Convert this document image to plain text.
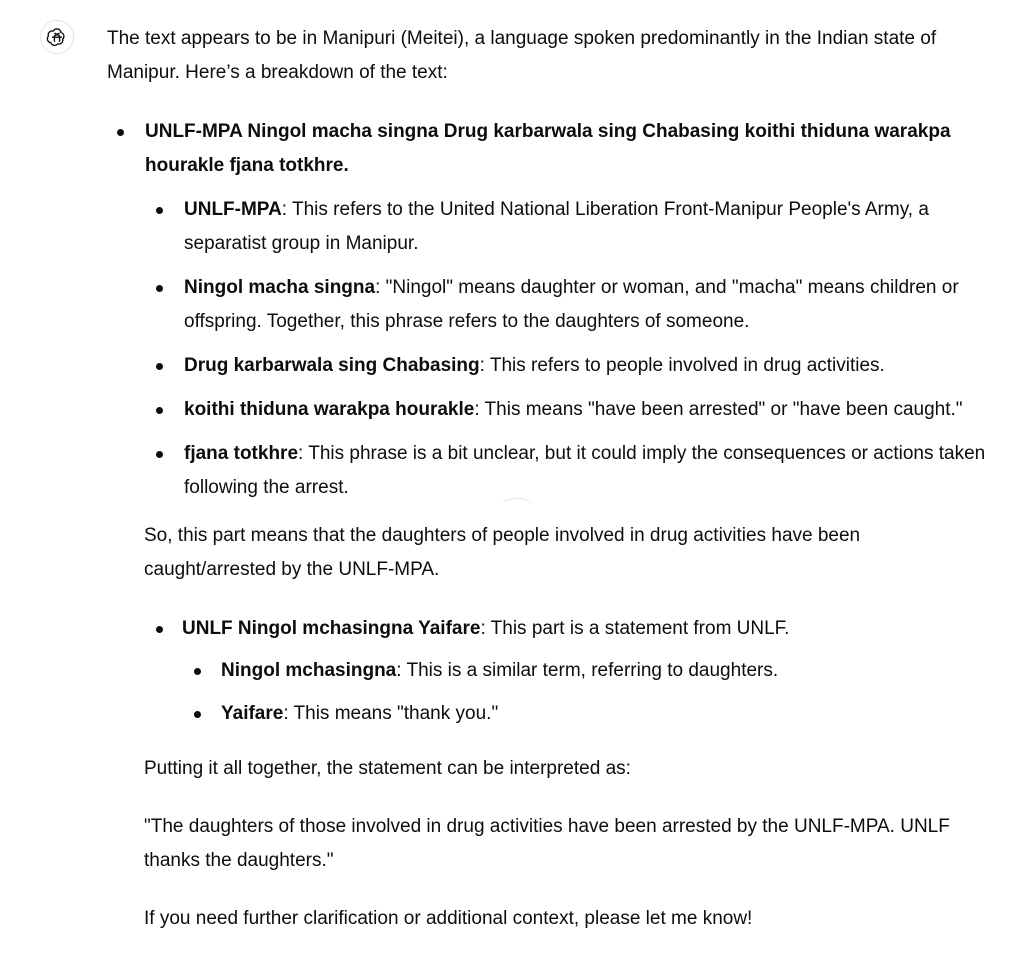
The text appears to be in Manipuri (Meitei), a language spoken predominantly in the Indian state of Manipur. Here’s a breakdown of the text:

UNLF-MPA Ningol macha singna Drug karbarwala sing Chabasing koithi thiduna warakpa hourakle fjana totkhre.
UNLF-MPA: This refers to the United National Liberation Front-Manipur People's Army, a separatist group in Manipur.
Ningol macha singna: "Ningol" means daughter or woman, and "macha" means children or offspring. Together, this phrase refers to the daughters of someone.
Drug karbarwala sing Chabasing: This refers to people involved in drug activities.
koithi thiduna warakpa hourakle: This means "have been arrested" or "have been caught."
fjana totkhre: This phrase is a bit unclear, but it could imply the consequences or actions taken following the arrest.

So, this part means that the daughters of people involved in drug activities have been caught/arrested by the UNLF-MPA.

UNLF Ningol mchasingna Yaifare: This part is a statement from UNLF.
Ningol mchasingna: This is a similar term, referring to daughters.
Yaifare: This means "thank you."

Putting it all together, the statement can be interpreted as:

"The daughters of those involved in drug activities have been arrested by the UNLF-MPA. UNLF thanks the daughters."

If you need further clarification or additional context, please let me know!
